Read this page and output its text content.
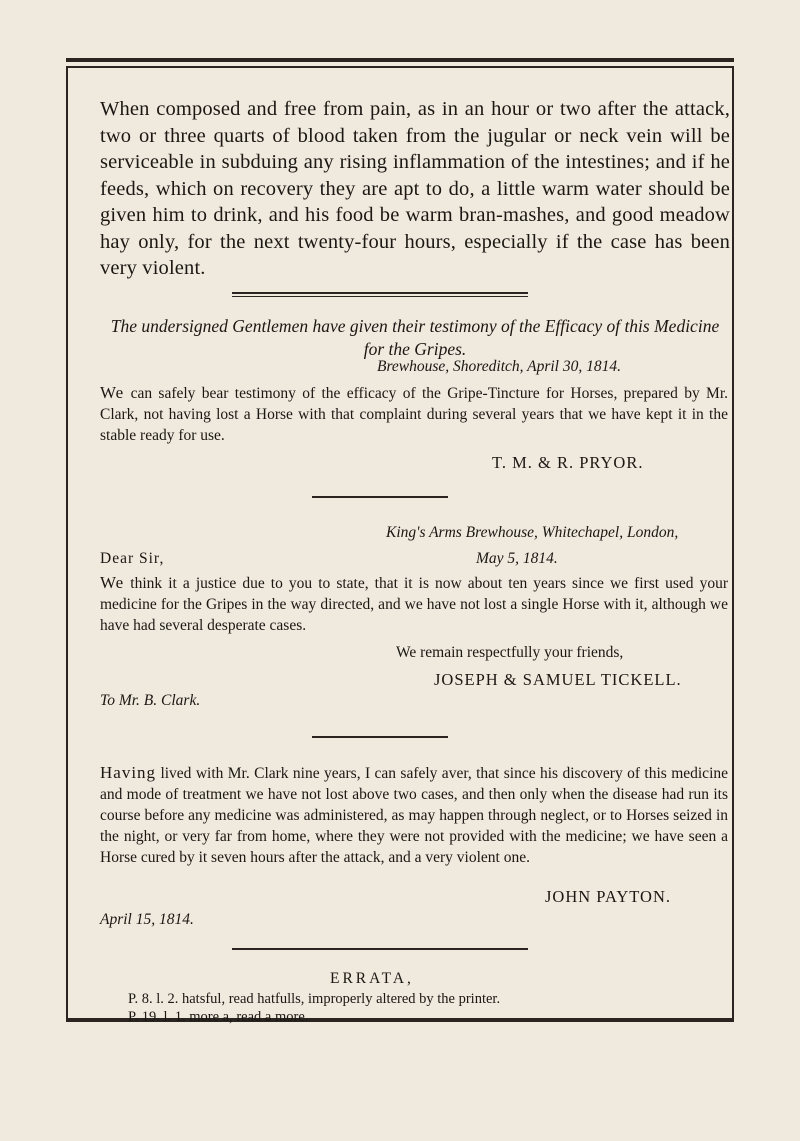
When composed and free from pain, as in an hour or two after the attack, two or three quarts of blood taken from the jugular or neck vein will be serviceable in subduing any rising inflammation of the intestines; and if he feeds, which on recovery they are apt to do, a little warm water should be given him to drink, and his food be warm bran-mashes, and good meadow hay only, for the next twenty-four hours, especially if the case has been very violent.

The undersigned Gentlemen have given their testimony of the Efficacy of this Medicine for the Gripes.
Brewhouse, Shoreditch, April 30, 1814.
We can safely bear testimony of the efficacy of the Gripe-Tincture for Horses, prepared by Mr. Clark, not having lost a Horse with that complaint during several years that we have kept it in the stable ready for use.
T. M. & R. PRYOR.
King's Arms Brewhouse, Whitechapel, London,
Dear Sir,	May 5, 1814.
We think it a justice due to you to state, that it is now about ten years since we first used your medicine for the Gripes in the way directed, and we have not lost a single Horse with it, although we have had several desperate cases.
We remain respectfully your friends,
JOSEPH & SAMUEL TICKELL.
To Mr. B. Clark.
Having lived with Mr. Clark nine years, I can safely aver, that since his discovery of this medicine and mode of treatment we have not lost above two cases, and then only when the disease had run its course before any medicine was administered, as may happen through neglect, or to Horses seized in the night, or very far from home, where they were not provided with the medicine; we have seen a Horse cured by it seven hours after the attack, and a very violent one.
JOHN PAYTON.
April 15, 1814.
ERRATA,
P. 8. l. 2. hatsful, read hatfulls, improperly altered by the printer.
P. 19. l. 1. more a, read a more.
